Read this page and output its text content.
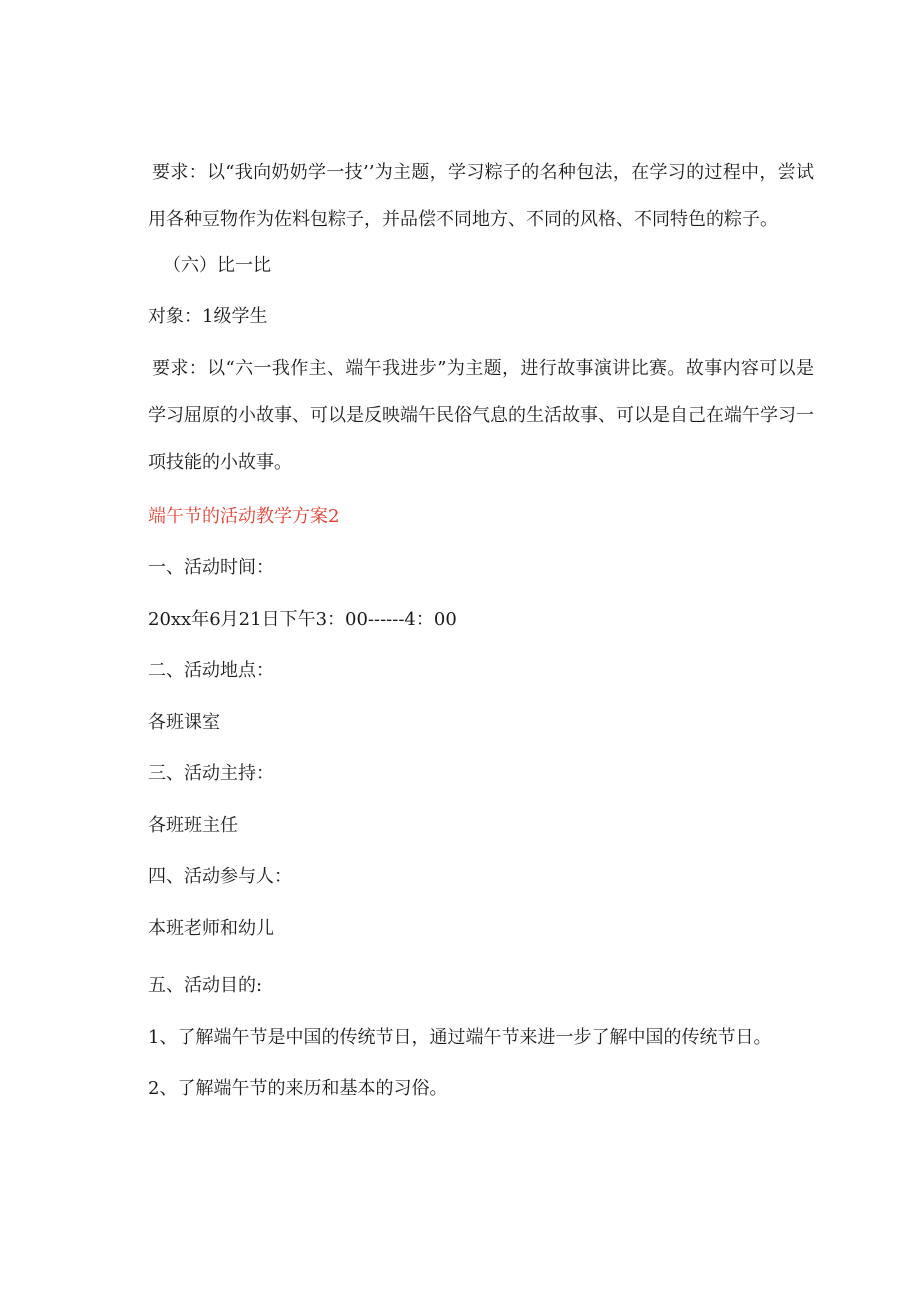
要求：以“我向奶奶学一技’’为主题，学习粽子的名种包法，在学习的过程中，尝试用各种豆物作为佐料包粽子，并品偿不同地方、不同的风格、不同特色的粽子。
（六）比一比
对象：1级学生
要求：以“六一我作主、端午我进步”为主题，进行故事演讲比赛。故事内容可以是学习屈原的小故事、可以是反映端午民俗气息的生活故事、可以是自己在端午学习一项技能的小故事。
端午节的活动教学方案2
一、活动时间：
20xx年6月21日下午3：00------4：00
二、活动地点：
各班课室
三、活动主持：
各班班主任
四、活动参与人：
本班老师和幼儿
五、活动目的:
1、了解端午节是中国的传统节日，通过端午节来进一步了解中国的传统节日。
2、了解端午节的来历和基本的习俗。
